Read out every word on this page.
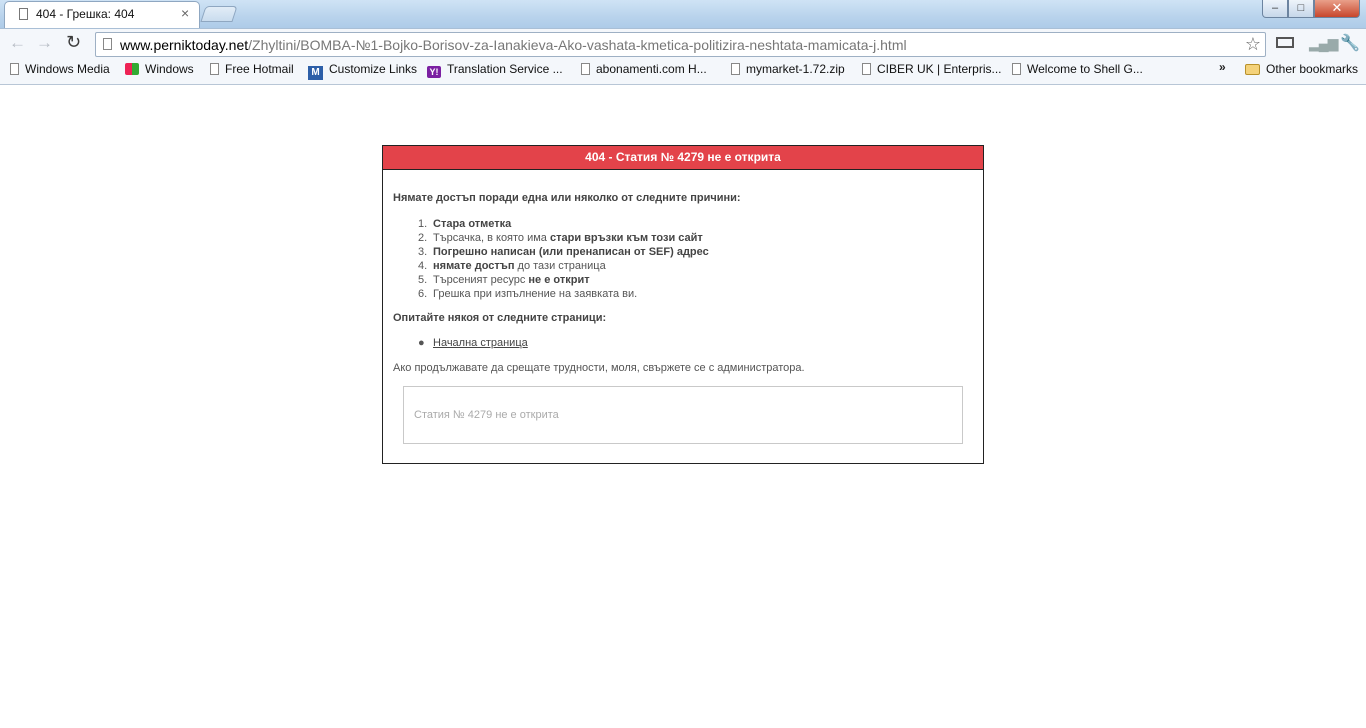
404 - Грешка: 404	×	–	□	✕
← → ↻	www.perniktoday.net/Zhyltini/BOMBA-№1-Bojko-Borisov-za-Ianakieva-Ako-vashata-kmetica-politizira-neshtata-mamicata-j.html	☆	▂▄▆ 🔧
Windows Media	Windows	Free Hotmail	M Customize Links Y! Translation Service ...	abonamenti.com H...	mymarket-1.72.zip	CIBER UK | Enterpris...	Welcome to Shell G...	»	Other bookmarks
404 - Статия № 4279 не е открита
Нямате достъп поради една или няколко от следните причини:
1. Стара отметка
2. Търсачка, в която има стари връзки към този сайт
3. Погрешно написан (или пренаписан от SEF) адрес
4. нямате достъп до тази страница
5. Търсеният ресурс не е открит
6. Грешка при изпълнение на заявката ви.
Опитайте някоя от следните страници:
● Начална страница
Ако продължавате да срещате трудности, моля, свържете се с администратора.
Статия № 4279 не е открита
